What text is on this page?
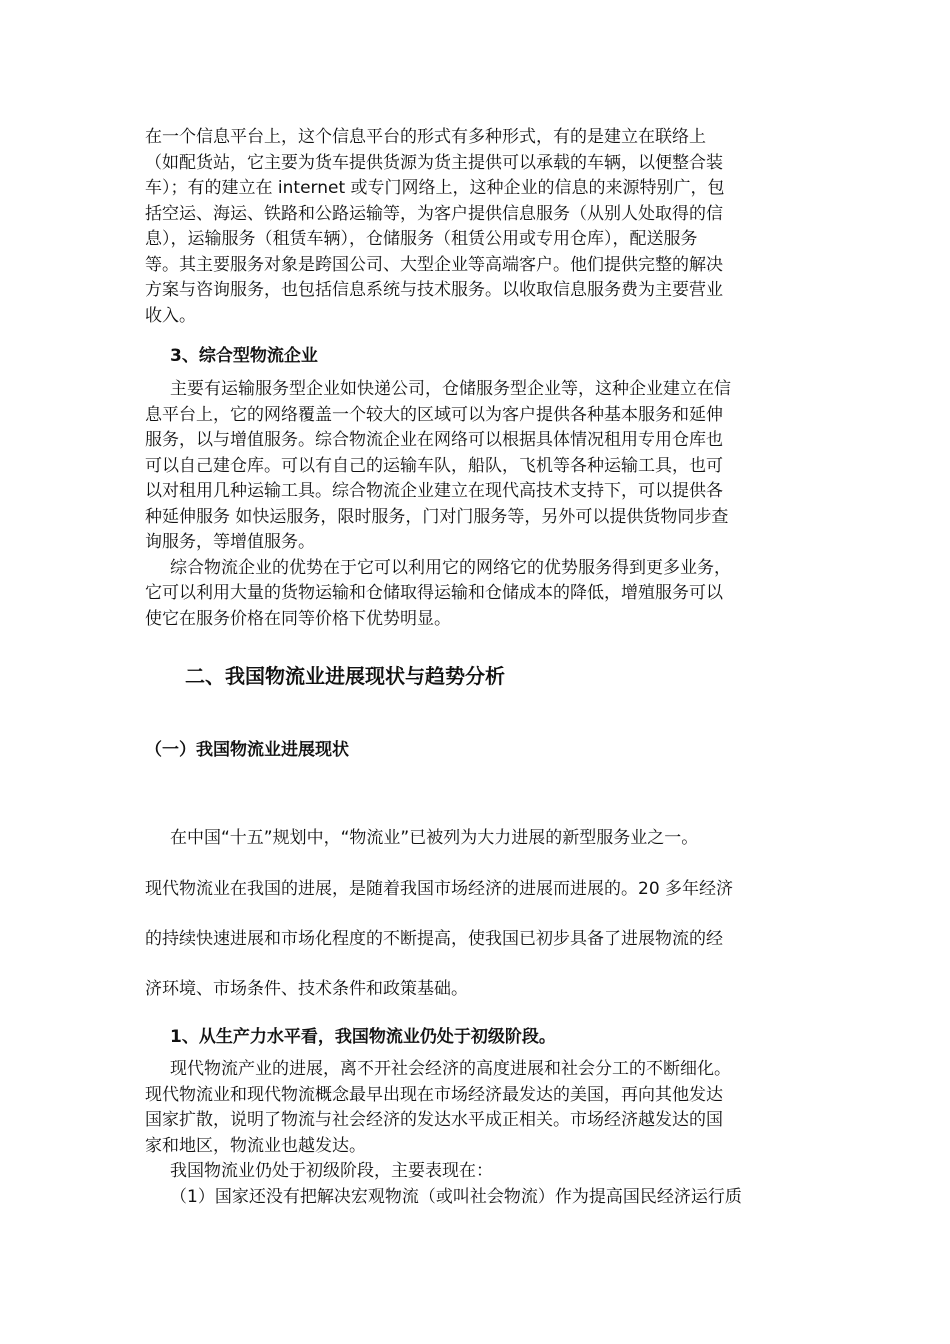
在一个信息平台上，这个信息平台的形式有多种形式，有的是建立在联络上
（如配货站，它主要为货车提供货源为货主提供可以承载的车辆，以便整合装
车）；有的建立在 internet 或专门网络上，这种企业的信息的来源特别广，包
括空运、海运、铁路和公路运输等，为客户提供信息服务（从别人处取得的信
息），运输服务（租赁车辆），仓储服务（租赁公用或专用仓库），配送服务
等。其主要服务对象是跨国公司、大型企业等高端客户。他们提供完整的解决
方案与咨询服务，也包括信息系统与技术服务。以收取信息服务费为主要营业
收入。
3、综合型物流企业
主要有运输服务型企业如快递公司，仓储服务型企业等，这种企业建立在信
息平台上，它的网络覆盖一个较大的区域可以为客户提供各种基本服务和延伸
服务，以与增值服务。综合物流企业在网络可以根据具体情况租用专用仓库也
可以自己建仓库。可以有自己的运输车队，船队，飞机等各种运输工具，也可
以对租用几种运输工具。综合物流企业建立在现代高技术支持下，可以提供各
种延伸服务 如快运服务，限时服务，门对门服务等，另外可以提供货物同步查
询服务，等增值服务。
综合物流企业的优势在于它可以利用它的网络它的优势服务得到更多业务，
它可以利用大量的货物运输和仓储取得运输和仓储成本的降低，增殖服务可以
使它在服务价格在同等价格下优势明显。
二、我国物流业进展现状与趋势分析
（一）我国物流业进展现状
在中国“十五”规划中，“物流业”已被列为大力进展的新型服务业之一。
现代物流业在我国的进展，是随着我国市场经济的进展而进展的。20 多年经济
的持续快速进展和市场化程度的不断提高，使我国已初步具备了进展物流的经
济环境、市场条件、技术条件和政策基础。
1、从生产力水平看，我国物流业仍处于初级阶段。
现代物流产业的进展，离不开社会经济的高度进展和社会分工的不断细化。
现代物流业和现代物流概念最早出现在市场经济最发达的美国，再向其他发达
国家扩散，说明了物流与社会经济的发达水平成正相关。市场经济越发达的国
家和地区，物流业也越发达。
我国物流业仍处于初级阶段，主要表现在：
（1）国家还没有把解决宏观物流（或叫社会物流）作为提高国民经济运行质
